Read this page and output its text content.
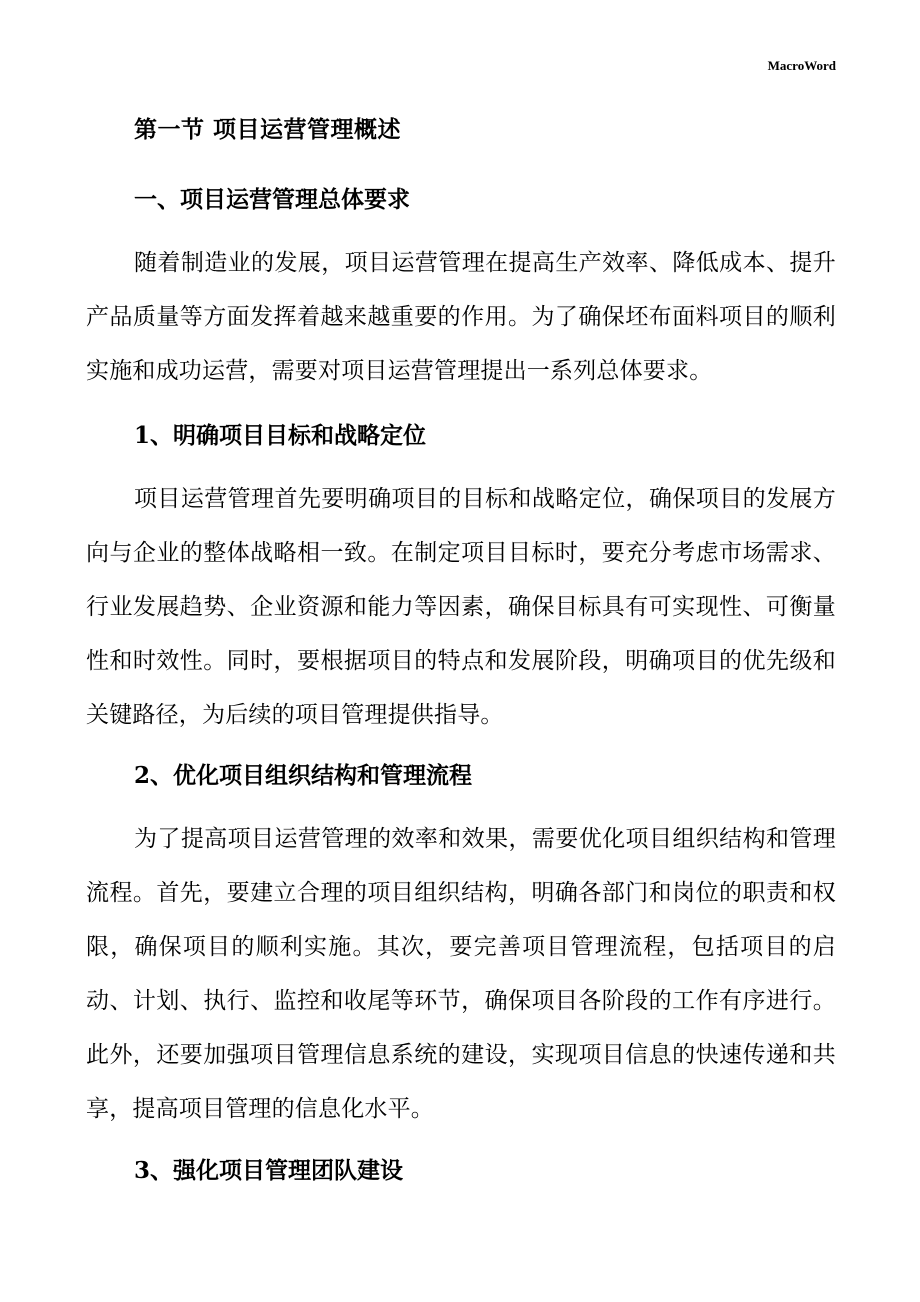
MacroWord
第一节 项目运营管理概述
一、项目运营管理总体要求

随着制造业的发展，项目运营管理在提高生产效率、降低成本、提升产品质量等方面发挥着越来越重要的作用。为了确保坯布面料项目的顺利实施和成功运营，需要对项目运营管理提出一系列总体要求。

1、明确项目目标和战略定位

项目运营管理首先要明确项目的目标和战略定位，确保项目的发展方向与企业的整体战略相一致。在制定项目目标时，要充分考虑市场需求、行业发展趋势、企业资源和能力等因素，确保目标具有可实现性、可衡量性和时效性。同时，要根据项目的特点和发展阶段，明确项目的优先级和关键路径，为后续的项目管理提供指导。

2、优化项目组织结构和管理流程

为了提高项目运营管理的效率和效果，需要优化项目组织结构和管理流程。首先，要建立合理的项目组织结构，明确各部门和岗位的职责和权限，确保项目的顺利实施。其次，要完善项目管理流程，包括项目的启动、计划、执行、监控和收尾等环节，确保项目各阶段的工作有序进行。此外，还要加强项目管理信息系统的建设，实现项目信息的快速传递和共享，提高项目管理的信息化水平。

3、强化项目管理团队建设
